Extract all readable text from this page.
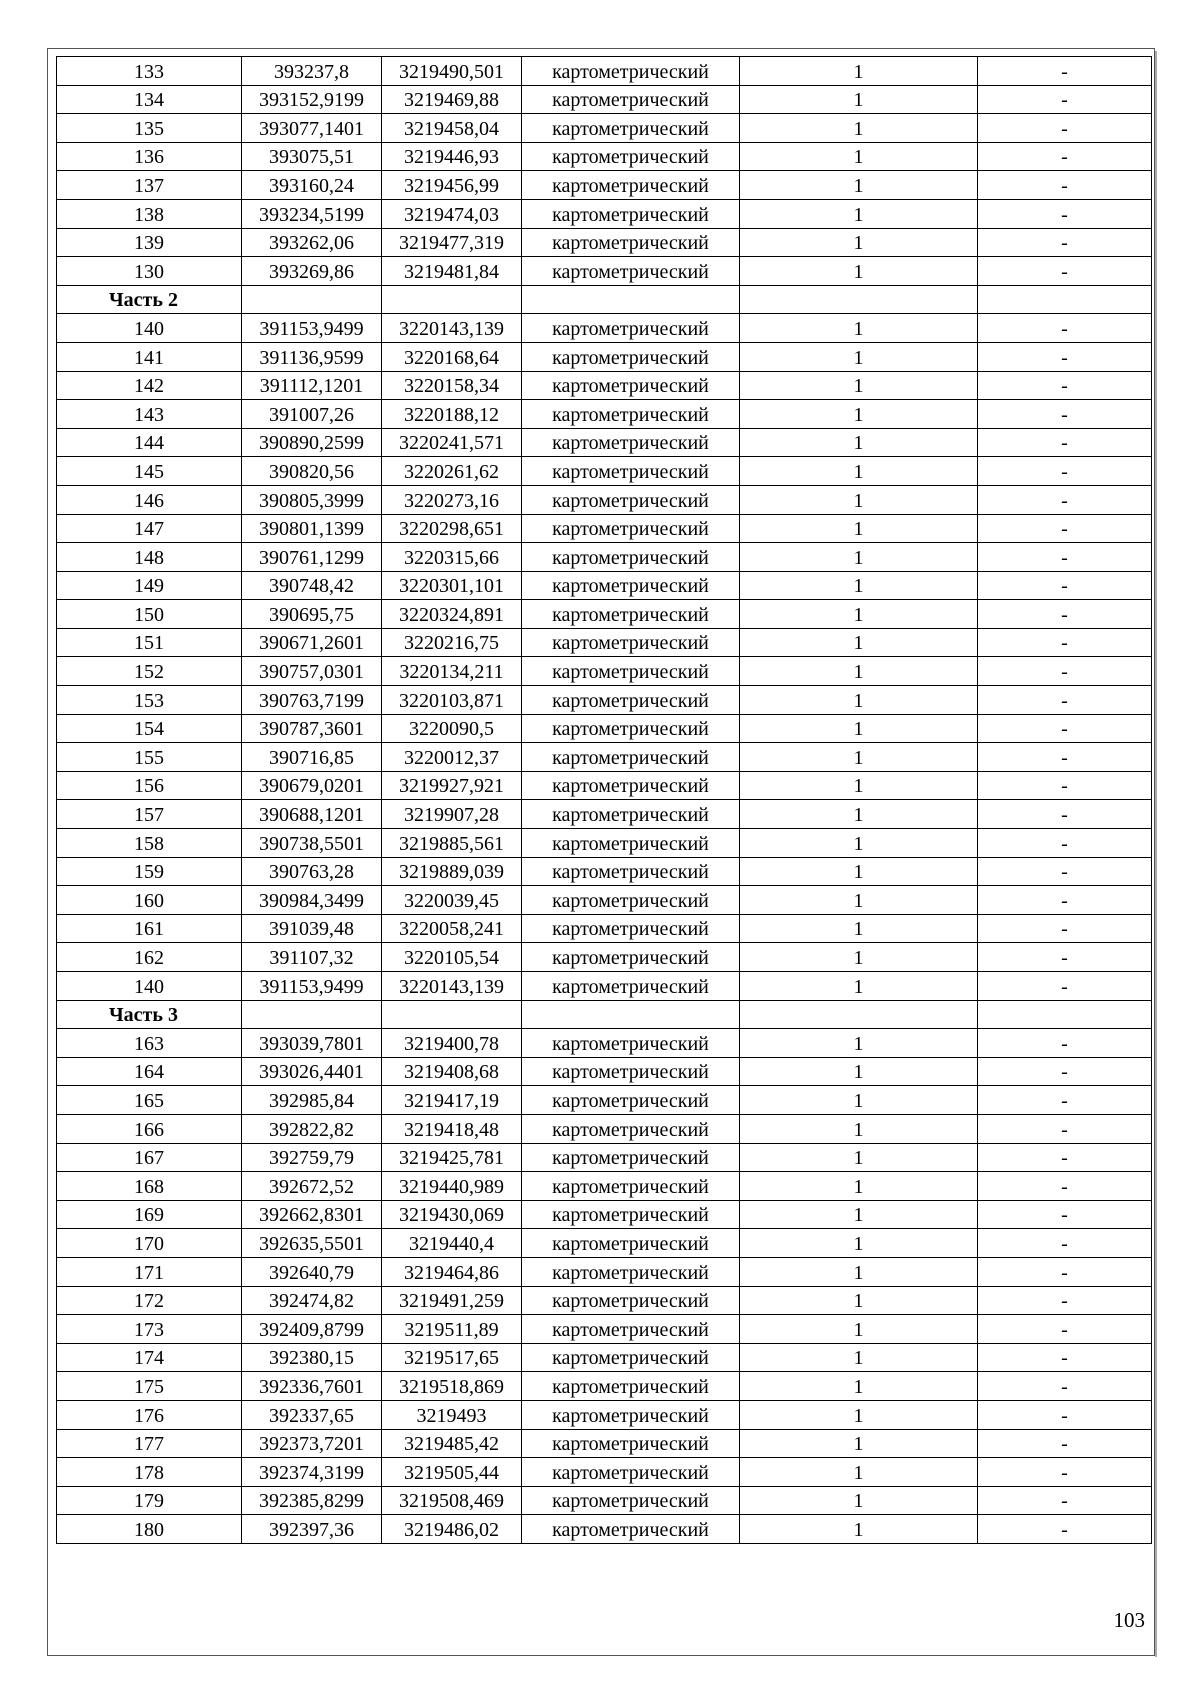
133	393237,8	3219490,501	картометрический	1	-
134	393152,9199	3219469,88	картометрический	1	-
135	393077,1401	3219458,04	картометрический	1	-
136	393075,51	3219446,93	картометрический	1	-
137	393160,24	3219456,99	картометрический	1	-
138	393234,5199	3219474,03	картометрический	1	-
139	393262,06	3219477,319	картометрический	1	-
130	393269,86	3219481,84	картометрический	1	-
Часть 2					
140	391153,9499	3220143,139	картометрический	1	-
141	391136,9599	3220168,64	картометрический	1	-
142	391112,1201	3220158,34	картометрический	1	-
143	391007,26	3220188,12	картометрический	1	-
144	390890,2599	3220241,571	картометрический	1	-
145	390820,56	3220261,62	картометрический	1	-
146	390805,3999	3220273,16	картометрический	1	-
147	390801,1399	3220298,651	картометрический	1	-
148	390761,1299	3220315,66	картометрический	1	-
149	390748,42	3220301,101	картометрический	1	-
150	390695,75	3220324,891	картометрический	1	-
151	390671,2601	3220216,75	картометрический	1	-
152	390757,0301	3220134,211	картометрический	1	-
153	390763,7199	3220103,871	картометрический	1	-
154	390787,3601	3220090,5	картометрический	1	-
155	390716,85	3220012,37	картометрический	1	-
156	390679,0201	3219927,921	картометрический	1	-
157	390688,1201	3219907,28	картометрический	1	-
158	390738,5501	3219885,561	картометрический	1	-
159	390763,28	3219889,039	картометрический	1	-
160	390984,3499	3220039,45	картометрический	1	-
161	391039,48	3220058,241	картометрический	1	-
162	391107,32	3220105,54	картометрический	1	-
140	391153,9499	3220143,139	картометрический	1	-
Часть 3					
163	393039,7801	3219400,78	картометрический	1	-
164	393026,4401	3219408,68	картометрический	1	-
165	392985,84	3219417,19	картометрический	1	-
166	392822,82	3219418,48	картометрический	1	-
167	392759,79	3219425,781	картометрический	1	-
168	392672,52	3219440,989	картометрический	1	-
169	392662,8301	3219430,069	картометрический	1	-
170	392635,5501	3219440,4	картометрический	1	-
171	392640,79	3219464,86	картометрический	1	-
172	392474,82	3219491,259	картометрический	1	-
173	392409,8799	3219511,89	картометрический	1	-
174	392380,15	3219517,65	картометрический	1	-
175	392336,7601	3219518,869	картометрический	1	-
176	392337,65	3219493	картометрический	1	-
177	392373,7201	3219485,42	картометрический	1	-
178	392374,3199	3219505,44	картометрический	1	-
179	392385,8299	3219508,469	картометрический	1	-
180	392397,36	3219486,02	картометрический	1	-
103
